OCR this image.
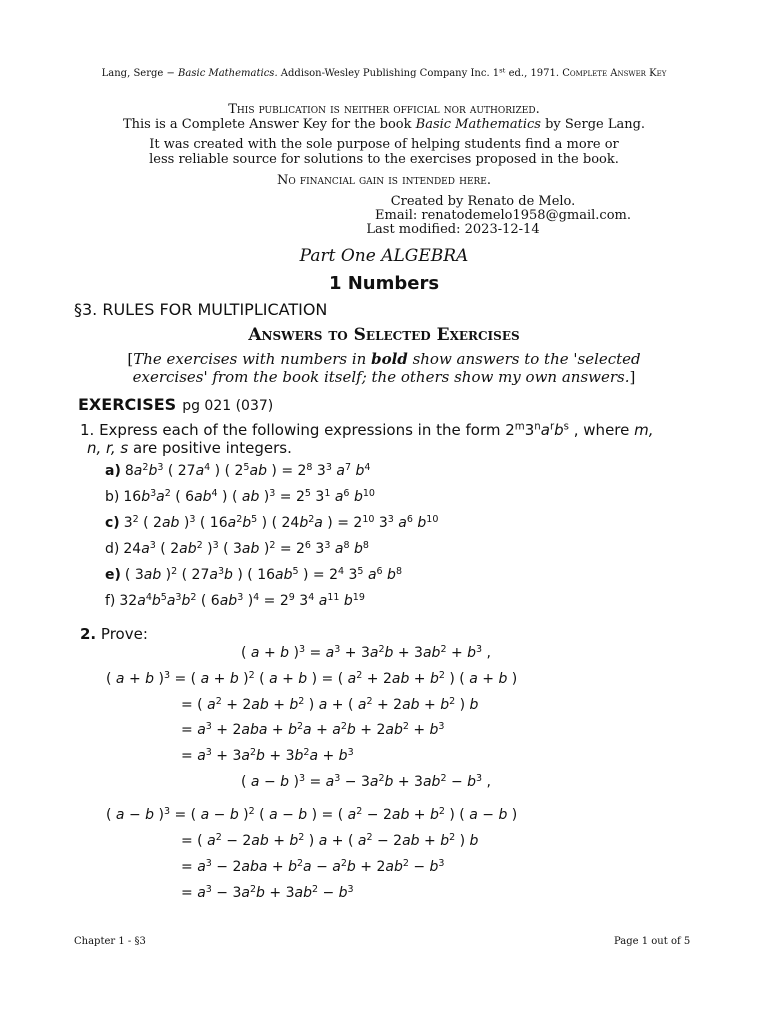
Lang, Serge − Basic Mathematics. Addison-Wesley Publishing Company Inc. 1st ed., 1971. Complete Answer Key
This publication is neither official nor authorized.
This is a Complete Answer Key for the book Basic Mathematics by Serge Lang.
It was created with the sole purpose of helping students find a more or
less reliable source for solutions to the exercises proposed in the book.
No financial gain is intended here.
Created by Renato de Melo.
Email: renatodemelo1958@gmail.com.
Last modified: 2023-12-14
Part One ALGEBRA
1 Numbers
§3. RULES FOR MULTIPLICATION
Answers to Selected Exercises
[The exercises with numbers in bold show answers to the 'selected
exercises' from the book itself; the others show my own answers.]
EXERCISES pg 021 (037)
1. Express each of the following expressions in the form $2^m3^na^rb^s$ , where m,
n, r, s are positive integers.
a) $8a^2b^3$ ( $27a^4$ ) ( $2^5ab$ ) = $2^8$ $3^3$ $a^7$ $b^4$
b) $16b^3a^2$ ( $6ab^4$ ) ( ab )$^3 = 2^5$ $3^1$ $a^6$ $b^{10}$
c) $3^2$ ( 2ab )$^3$ ( $16a^2b^5$ ) ( $24b^2a$ ) = $2^{10}$ $3^3$ $a^6$ $b^{10}$
d) $24a^3$ ( $2ab^2$ )$^3$ ( 3ab )$^2 = 2^6$ $3^3$ $a^8$ $b^8$
e) ( 3ab )$^2$ ( $27a^3b$ ) ( $16ab^5$ ) = $2^4$ $3^5$ $a^6$ $b^8$
f) $32a^4b^5a^3b^2$ ( $6ab^3$ )$^4 = 2^9$ $3^4$ $a^{11}$ $b^{19}$
2. Prove:
( a + b )$^3 = a^3 + 3a^2b + 3ab^2 + b^3$ ,
( a + b )$^3$ = ( a + b )$^2$ ( a + b ) = ( $a^2 + 2ab + b^2$ ) ( a + b )
= ( $a^2 + 2ab + b^2$ ) a + ( $a^2 + 2ab + b^2$ ) b
= $a^3 + 2aba + b^2a + a^2b + 2ab^2 + b^3$
= $a^3 + 3a^2b + 3b^2a + b^3$
( a − b )$^3 = a^3 - 3a^2b + 3ab^2 - b^3$ ,
( a − b )$^3$ = ( a − b )$^2$ ( a − b ) = ( $a^2 - 2ab + b^2$ ) ( a − b )
= ( $a^2 - 2ab + b^2$ ) a + ( $a^2 - 2ab + b^2$ ) b
= $a^3 - 2aba + b^2a - a^2b + 2ab^2 - b^3$
= $a^3 - 3a^2b + 3ab^2 - b^3$
Chapter 1 - §3	Page 1 out of 5
